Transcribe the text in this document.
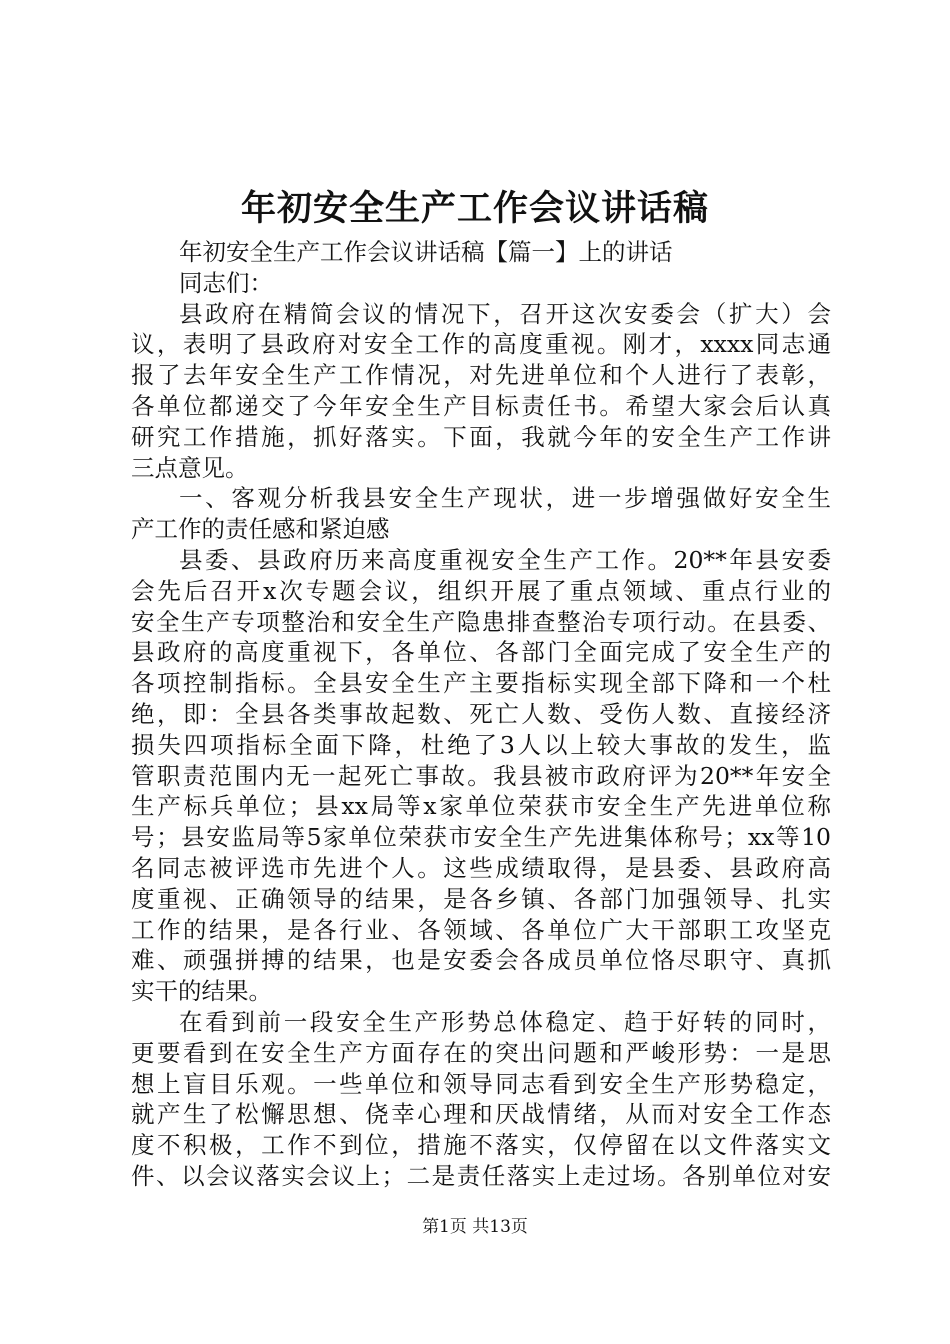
年初安全生产工作会议讲话稿
年初安全生产工作会议讲话稿【篇一】上的讲话
同志们：
县政府在精简会议的情况下，召开这次安委会（扩大）会
议，表明了县政府对安全工作的高度重视。刚才，xxxx同志通
报了去年安全生产工作情况，对先进单位和个人进行了表彰，
各单位都递交了今年安全生产目标责任书。希望大家会后认真
研究工作措施，抓好落实。下面，我就今年的安全生产工作讲
三点意见。
一、客观分析我县安全生产现状，进一步增强做好安全生
产工作的责任感和紧迫感
县委、县政府历来高度重视安全生产工作。20**年县安委
会先后召开x次专题会议，组织开展了重点领域、重点行业的
安全生产专项整治和安全生产隐患排查整治专项行动。在县委、
县政府的高度重视下，各单位、各部门全面完成了安全生产的
各项控制指标。全县安全生产主要指标实现全部下降和一个杜
绝，即：全县各类事故起数、死亡人数、受伤人数、直接经济
损失四项指标全面下降，杜绝了3人以上较大事故的发生，监
管职责范围内无一起死亡事故。我县被市政府评为20**年安全
生产标兵单位；县xx局等x家单位荣获市安全生产先进单位称
号；县安监局等5家单位荣获市安全生产先进集体称号；xx等10
名同志被评选市先进个人。这些成绩取得，是县委、县政府高
度重视、正确领导的结果，是各乡镇、各部门加强领导、扎实
工作的结果，是各行业、各领域、各单位广大干部职工攻坚克
难、顽强拼搏的结果，也是安委会各成员单位恪尽职守、真抓
实干的结果。
在看到前一段安全生产形势总体稳定、趋于好转的同时，
更要看到在安全生产方面存在的突出问题和严峻形势：一是思
想上盲目乐观。一些单位和领导同志看到安全生产形势稳定，
就产生了松懈思想、侥幸心理和厌战情绪，从而对安全工作态
度不积极，工作不到位，措施不落实，仅停留在以文件落实文
件、以会议落实会议上；二是责任落实上走过场。各别单位对安
第1页 共13页
